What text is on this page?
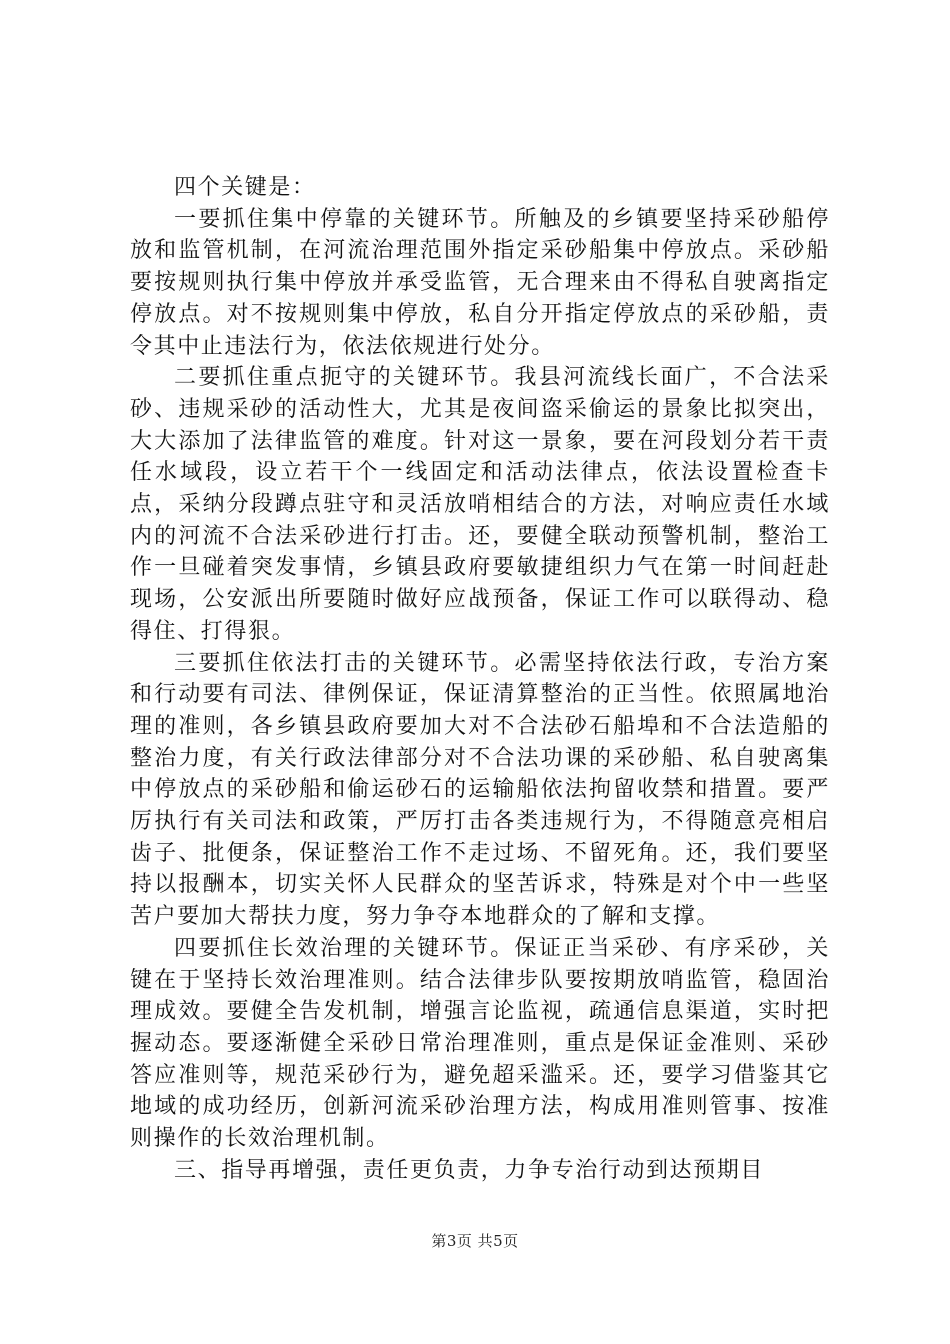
四个关键是：

一要抓住集中停靠的关键环节。所触及的乡镇要坚持采砂船停放和监管机制，在河流治理范围外指定采砂船集中停放点。采砂船要按规则执行集中停放并承受监管，无合理来由不得私自驶离指定停放点。对不按规则集中停放，私自分开指定停放点的采砂船，责令其中止违法行为，依法依规进行处分。

二要抓住重点扼守的关键环节。我县河流线长面广，不合法采砂、违规采砂的活动性大，尤其是夜间盗采偷运的景象比拟突出，大大添加了法律监管的难度。针对这一景象，要在河段划分若干责任水域段，设立若干个一线固定和活动法律点，依法设置检查卡点，采纳分段蹲点驻守和灵活放哨相结合的方法，对响应责任水域内的河流不合法采砂进行打击。还，要健全联动预警机制，整治工作一旦碰着突发事情，乡镇县政府要敏捷组织力气在第一时间赶赴现场，公安派出所要随时做好应战预备，保证工作可以联得动、稳得住、打得狠。

三要抓住依法打击的关键环节。必需坚持依法行政，专治方案和行动要有司法、律例保证，保证清算整治的正当性。依照属地治理的准则，各乡镇县政府要加大对不合法砂石船埠和不合法造船的整治力度，有关行政法律部分对不合法功课的采砂船、私自驶离集中停放点的采砂船和偷运砂石的运输船依法拘留收禁和措置。要严厉执行有关司法和政策，严厉打击各类违规行为，不得随意亮相启齿子、批便条，保证整治工作不走过场、不留死角。还，我们要坚持以报酬本，切实关怀人民群众的坚苦诉求，特殊是对个中一些坚苦户要加大帮扶力度，努力争夺本地群众的了解和支撑。

四要抓住长效治理的关键环节。保证正当采砂、有序采砂，关键在于坚持长效治理准则。结合法律步队要按期放哨监管，稳固治理成效。要健全告发机制，增强言论监视，疏通信息渠道，实时把握动态。要逐渐健全采砂日常治理准则，重点是保证金准则、采砂答应准则等，规范采砂行为，避免超采滥采。还，要学习借鉴其它地域的成功经历，创新河流采砂治理方法，构成用准则管事、按准则操作的长效治理机制。

三、指导再增强，责任更负责，力争专治行动到达预期目

第3页 共5页
